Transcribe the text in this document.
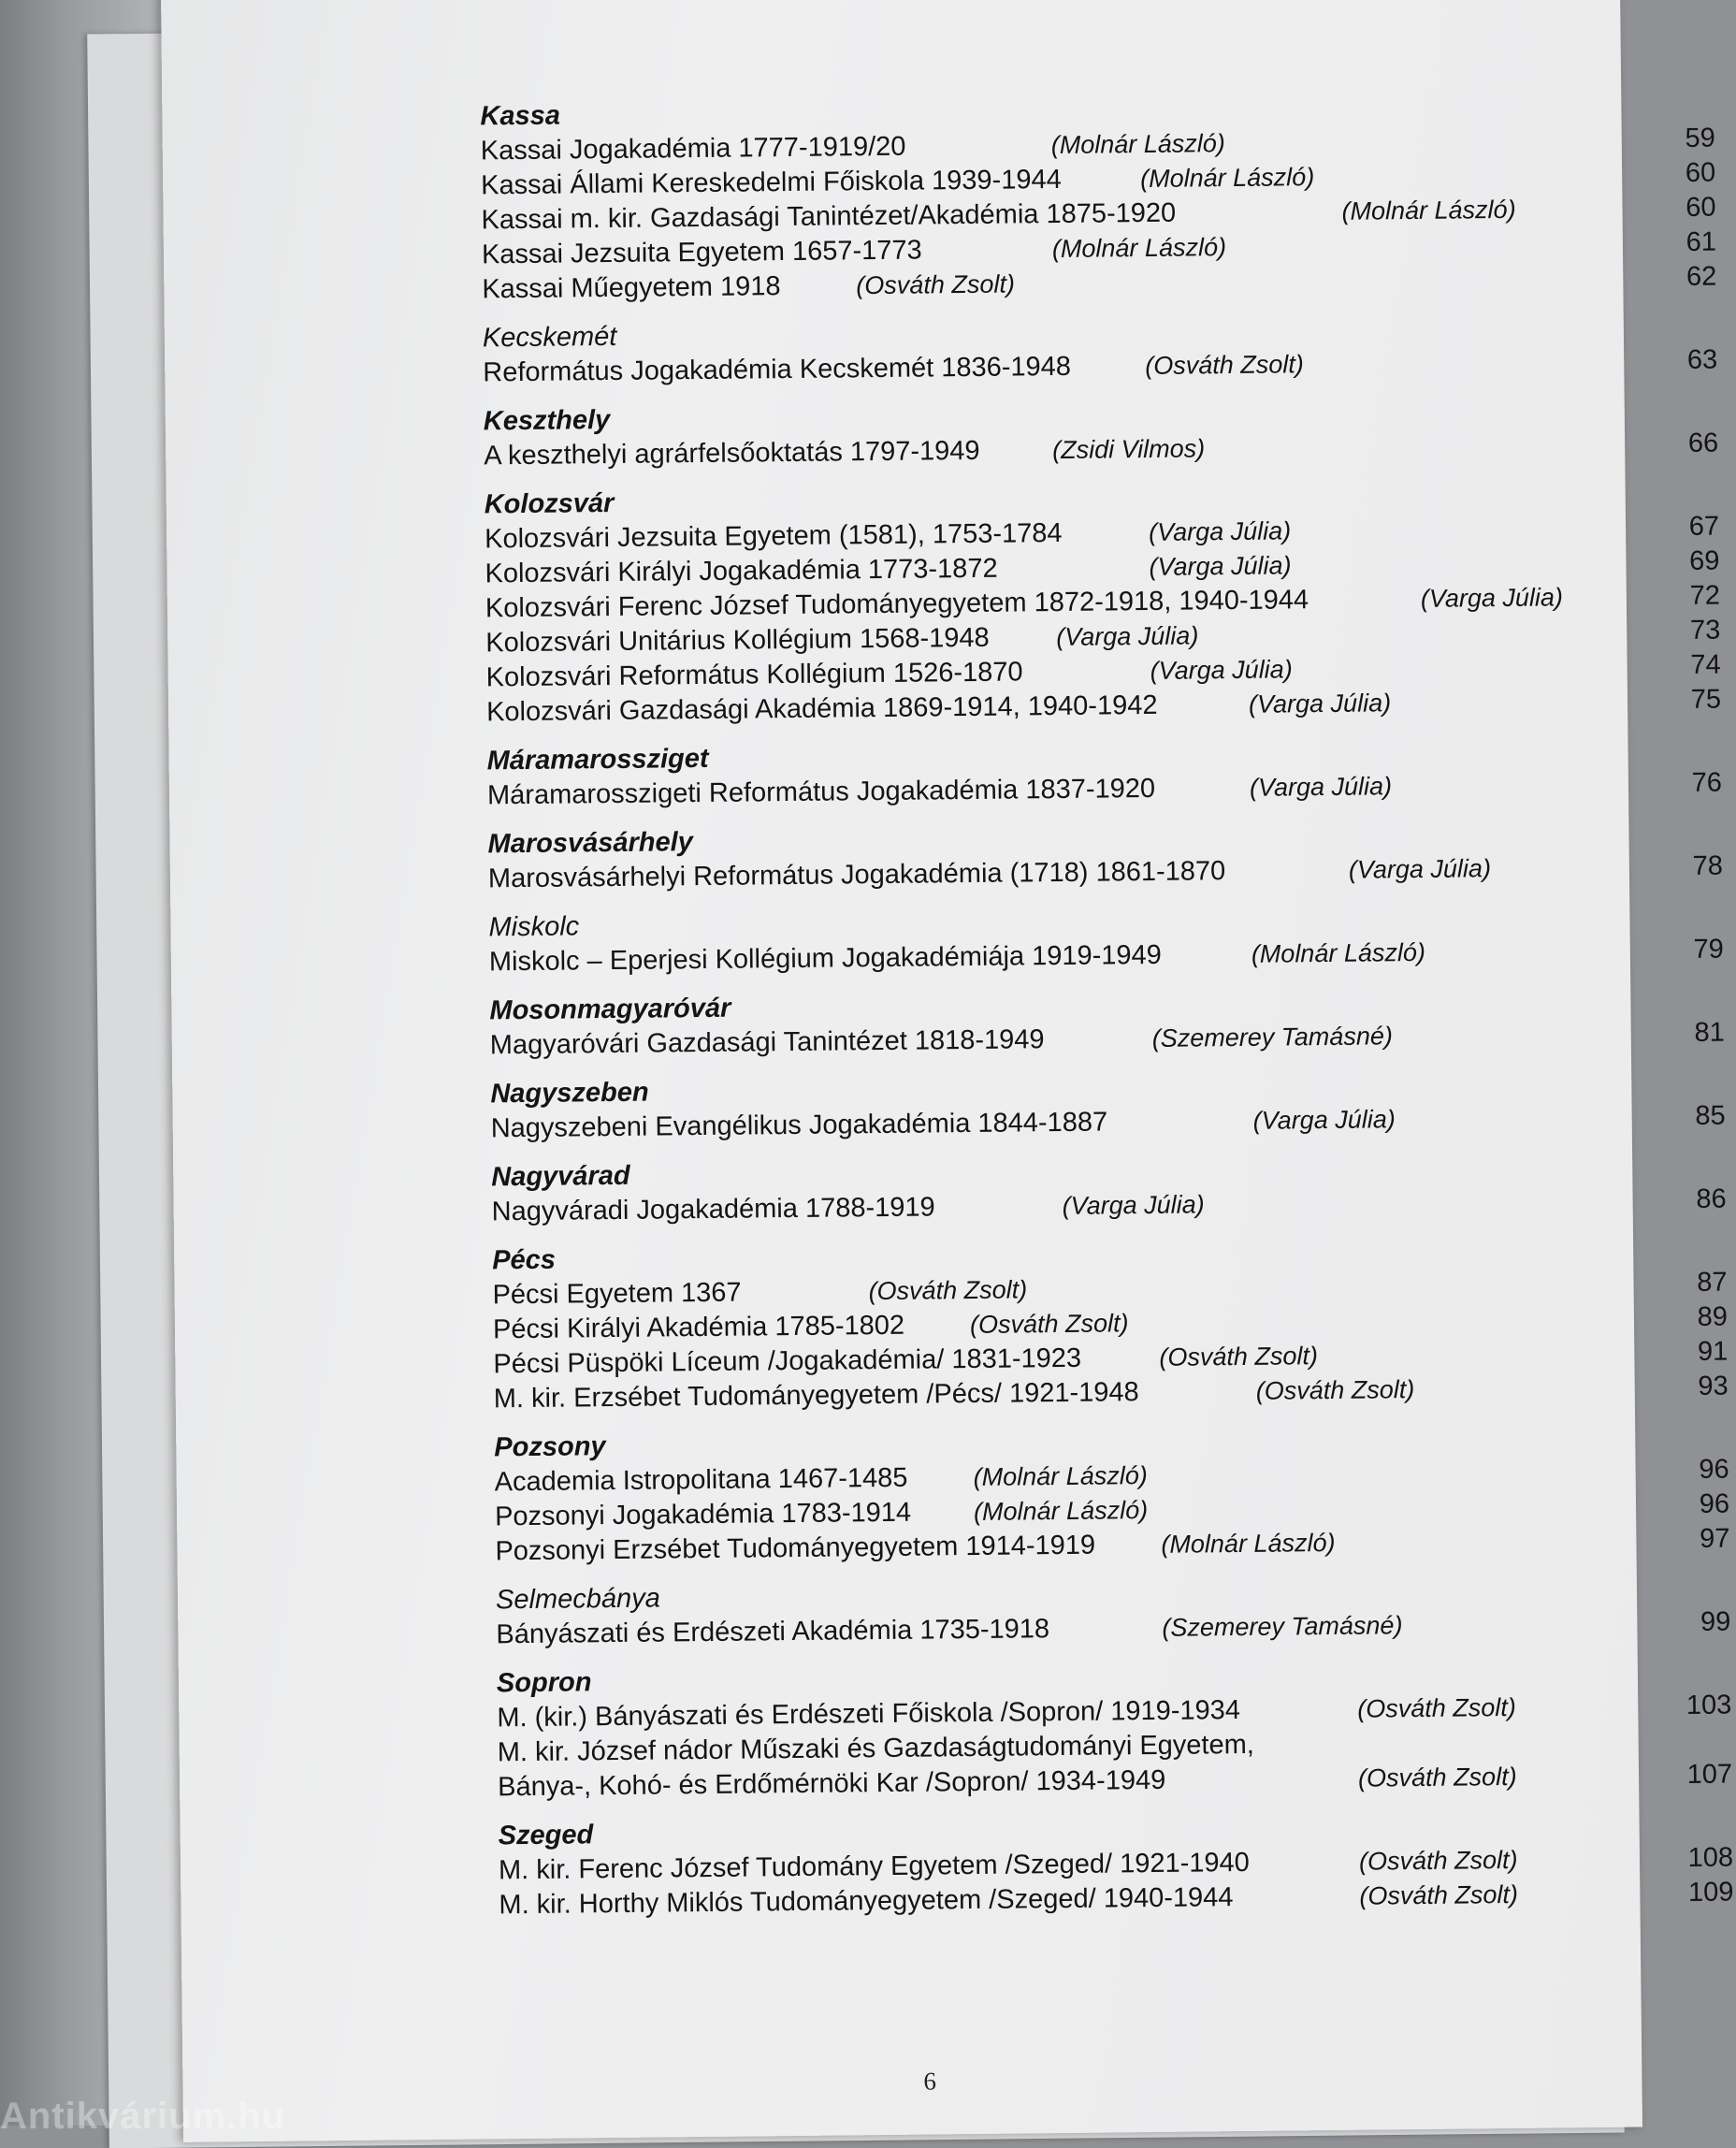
Kassa
Kassai Jogakadémia 1777-1919/20	(Molnár László)	59
Kassai Állami Kereskedelmi Főiskola 1939-1944	(Molnár László)	60
Kassai m. kir. Gazdasági Tanintézet/Akadémia 1875-1920	(Molnár László)	60
Kassai Jezsuita Egyetem 1657-1773	(Molnár László)	61
Kassai Műegyetem 1918	(Osváth Zsolt)	62
Kecskemét
Református Jogakadémia Kecskemét 1836-1948	(Osváth Zsolt)	63
Keszthely
A keszthelyi agrárfelsőoktatás 1797-1949	(Zsidi Vilmos)	66
Kolozsvár
Kolozsvári Jezsuita Egyetem (1581), 1753-1784	(Varga Júlia)	67
Kolozsvári Királyi Jogakadémia 1773-1872	(Varga Júlia)	69
Kolozsvári Ferenc József Tudományegyetem 1872-1918, 1940-1944	(Varga Júlia)	72
Kolozsvári Unitárius Kollégium 1568-1948	(Varga Júlia)	73
Kolozsvári Református Kollégium 1526-1870	(Varga Júlia)	74
Kolozsvári Gazdasági Akadémia 1869-1914, 1940-1942	(Varga Júlia)	75
Máramarossziget
Máramarosszigeti Református Jogakadémia 1837-1920	(Varga Júlia)	76
Marosvásárhely
Marosvásárhelyi Református Jogakadémia (1718) 1861-1870	(Varga Júlia)	78
Miskolc
Miskolc – Eperjesi Kollégium Jogakadémiája 1919-1949	(Molnár László)	79
Mosonmagyaróvár
Magyaróvári Gazdasági Tanintézet 1818-1949	(Szemerey Tamásné)	81
Nagyszeben
Nagyszebeni Evangélikus Jogakadémia 1844-1887	(Varga Júlia)	85
Nagyvárad
Nagyváradi Jogakadémia 1788-1919	(Varga Júlia)	86
Pécs
Pécsi Egyetem 1367	(Osváth Zsolt)	87
Pécsi Királyi Akadémia 1785-1802	(Osváth Zsolt)	89
Pécsi Püspöki Líceum /Jogakadémia/ 1831-1923	(Osváth Zsolt)	91
M. kir. Erzsébet Tudományegyetem /Pécs/ 1921-1948	(Osváth Zsolt)	93
Pozsony
Academia Istropolitana 1467-1485	(Molnár László)	96
Pozsonyi Jogakadémia 1783-1914 (Molnár László)	96
Pozsonyi Erzsébet Tudományegyetem 1914-1919	(Molnár László)	97
Selmecbánya
Bányászati és Erdészeti Akadémia 1735-1918	(Szemerey Tamásné)	99
Sopron
M. (kir.) Bányászati és Erdészeti Főiskola /Sopron/ 1919-1934	(Osváth Zsolt)	103
M. kir. József nádor Műszaki és Gazdaságtudományi Egyetem,
Bánya-, Kohó- és Erdőmérnöki Kar /Sopron/ 1934-1949	(Osváth Zsolt)	107
Szeged
M. kir. Ferenc József Tudomány Egyetem /Szeged/ 1921-1940	(Osváth Zsolt)	108
M. kir. Horthy Miklós Tudományegyetem /Szeged/ 1940-1944	(Osváth Zsolt)	109
6
Antikvárium.hu
